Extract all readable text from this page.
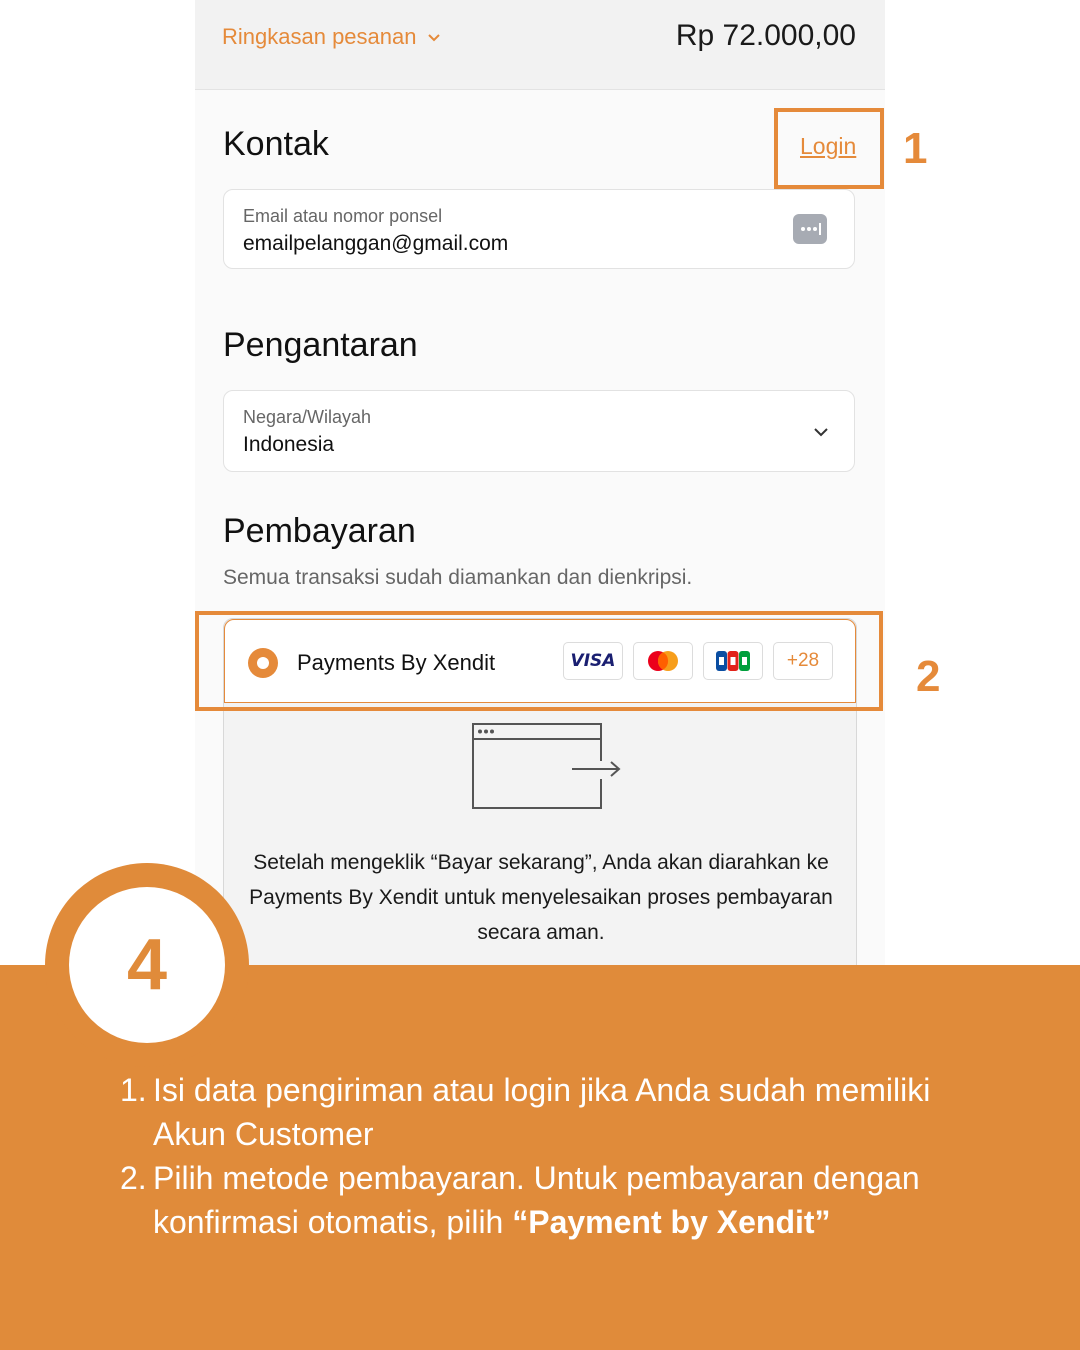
Ringkasan pesanan	Rp 72.000,00
Kontak	Login
Email atau nomor ponsel
emailpelanggan@gmail.com
Pengantaran
Negara/Wilayah
Indonesia
Pembayaran
Semua transaksi sudah diamankan dan dienkripsi.
Payments By Xendit	VISA	+28
Setelah mengeklik “Bayar sekarang”, Anda akan diarahkan ke Payments By Xendit untuk menyelesaikan proses pembayaran secara aman.
1
2
4
1. Isi data pengiriman atau login jika Anda sudah memiliki Akun Customer
2. Pilih metode pembayaran. Untuk pembayaran dengan konfirmasi otomatis, pilih “Payment by Xendit”
